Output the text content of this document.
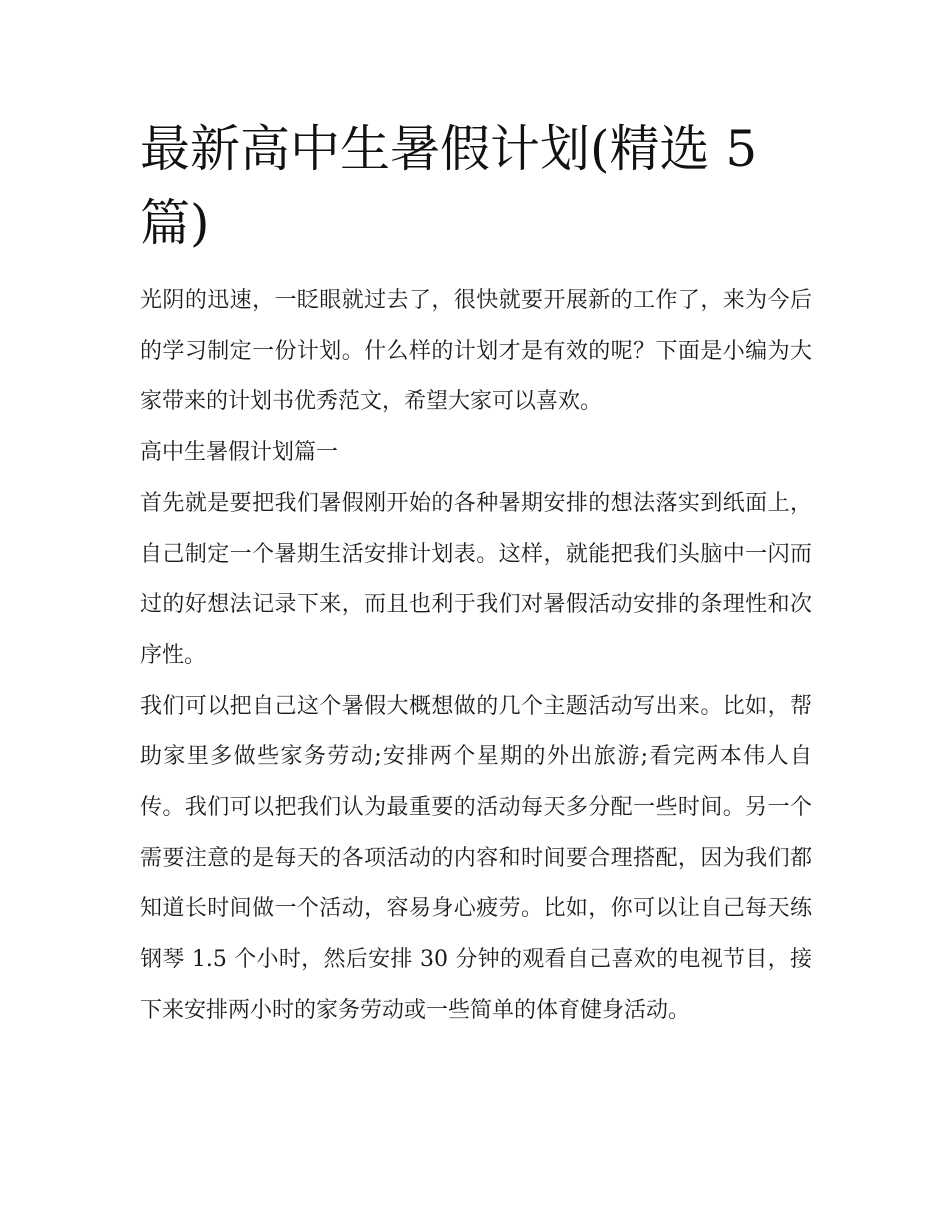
最新高中生暑假计划(精选 5 篇)

光阴的迅速，一眨眼就过去了，很快就要开展新的工作了，来为今后的学习制定一份计划。什么样的计划才是有效的呢？下面是小编为大家带来的计划书优秀范文，希望大家可以喜欢。

高中生暑假计划篇一

首先就是要把我们暑假刚开始的各种暑期安排的想法落实到纸面上，自己制定一个暑期生活安排计划表。这样，就能把我们头脑中一闪而过的好想法记录下来，而且也利于我们对暑假活动安排的条理性和次序性。

我们可以把自己这个暑假大概想做的几个主题活动写出来。比如，帮助家里多做些家务劳动;安排两个星期的外出旅游;看完两本伟人自传。我们可以把我们认为最重要的活动每天多分配一些时间。另一个需要注意的是每天的各项活动的内容和时间要合理搭配，因为我们都知道长时间做一个活动，容易身心疲劳。比如，你可以让自己每天练钢琴 1.5 个小时，然后安排 30 分钟的观看自己喜欢的电视节目，接下来安排两小时的家务劳动或一些简单的体育健身活动。
